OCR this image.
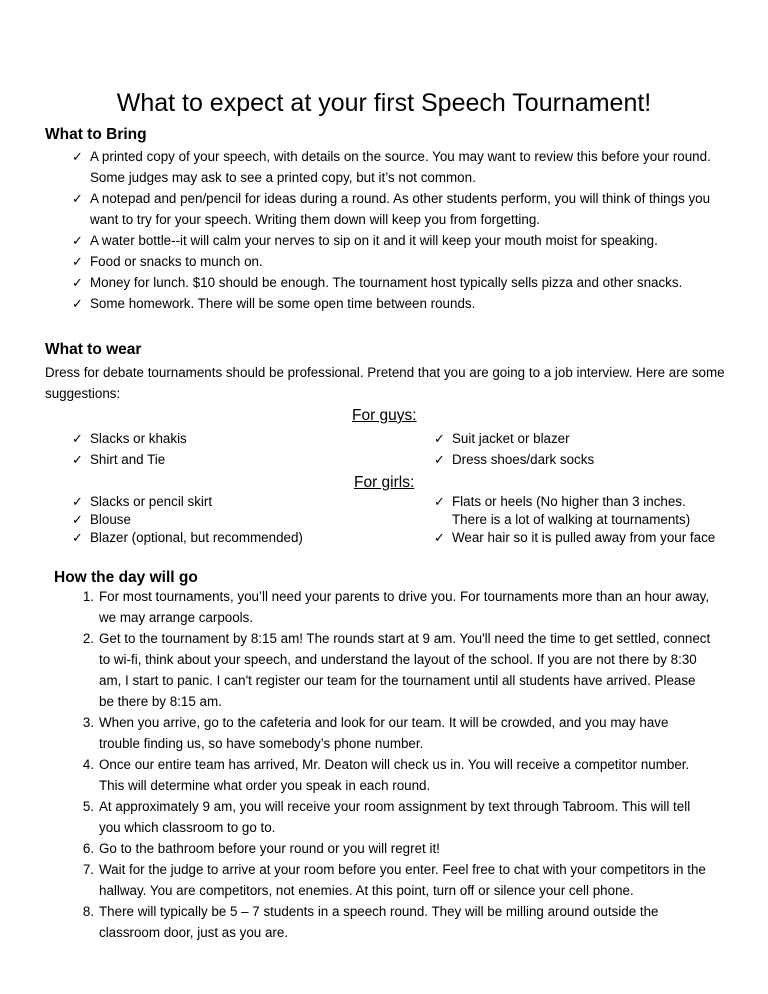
What to expect at your first Speech Tournament!
What to Bring
✓ A printed copy of your speech, with details on the source. You may want to review this before your round. Some judges may ask to see a printed copy, but it’s not common.
✓ A notepad and pen/pencil for ideas during a round. As other students perform, you will think of things you want to try for your speech. Writing them down will keep you from forgetting.
✓ A water bottle--it will calm your nerves to sip on it and it will keep your mouth moist for speaking.
✓ Food or snacks to munch on.
✓ Money for lunch. $10 should be enough. The tournament host typically sells pizza and other snacks.
✓ Some homework. There will be some open time between rounds.
What to wear

Dress for debate tournaments should be professional. Pretend that you are going to a job interview. Here are some suggestions:

For guys:
✓ Slacks or khakis
✓ Shirt and Tie
✓ Suit jacket or blazer
✓ Dress shoes/dark socks
For girls:
✓ Slacks or pencil skirt
✓ Blouse
✓ Blazer (optional, but recommended)
✓ Flats or heels (No higher than 3 inches. There is a lot of walking at tournaments)
✓ Wear hair so it is pulled away from your face
How the day will go
1. For most tournaments, you’ll need your parents to drive you. For tournaments more than an hour away, we may arrange carpools.
2. Get to the tournament by 8:15 am! The rounds start at 9 am. You'll need the time to get settled, connect to wi-fi, think about your speech, and understand the layout of the school. If you are not there by 8:30 am, I start to panic. I can't register our team for the tournament until all students have arrived. Please be there by 8:15 am.
3. When you arrive, go to the cafeteria and look for our team. It will be crowded, and you may have trouble finding us, so have somebody’s phone number.
4. Once our entire team has arrived, Mr. Deaton will check us in. You will receive a competitor number. This will determine what order you speak in each round.
5. At approximately 9 am, you will receive your room assignment by text through Tabroom. This will tell you which classroom to go to.
6. Go to the bathroom before your round or you will regret it!
7. Wait for the judge to arrive at your room before you enter. Feel free to chat with your competitors in the hallway. You are competitors, not enemies. At this point, turn off or silence your cell phone.
8. There will typically be 5 – 7 students in a speech round. They will be milling around outside the classroom door, just as you are.
